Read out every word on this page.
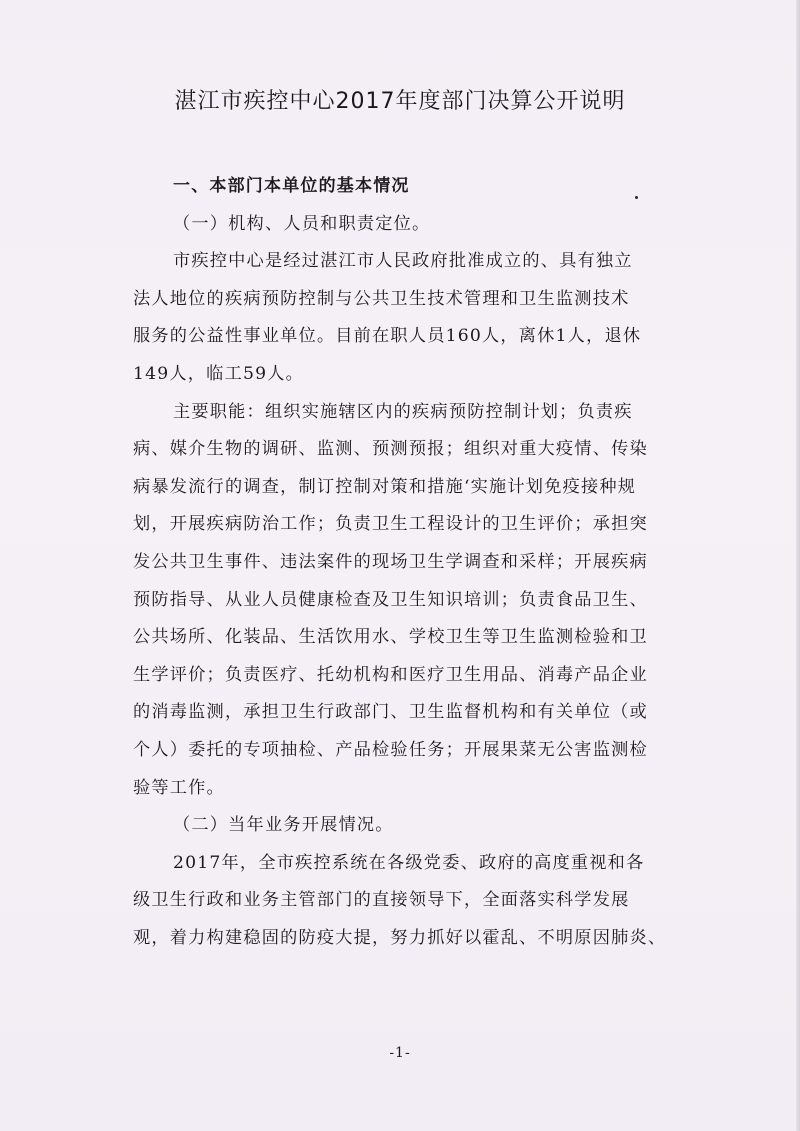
湛江市疾控中心2017年度部门决算公开说明
一、本部门本单位的基本情况
（一）机构、人员和职责定位。
市疾控中心是经过湛江市人民政府批准成立的、具有独立
法人地位的疾病预防控制与公共卫生技术管理和卫生监测技术
服务的公益性事业单位。目前在职人员160人，离休1人，退休
149人，临工59人。
主要职能：组织实施辖区内的疾病预防控制计划；负责疾
病、媒介生物的调研、监测、预测预报；组织对重大疫情、传染
病暴发流行的调查，制订控制对策和措施‘实施计划免疫接种规
划，开展疾病防治工作；负责卫生工程设计的卫生评价；承担突
发公共卫生事件、违法案件的现场卫生学调查和采样；开展疾病
预防指导、从业人员健康检查及卫生知识培训；负责食品卫生、
公共场所、化装品、生活饮用水、学校卫生等卫生监测检验和卫
生学评价；负责医疗、托幼机构和医疗卫生用品、消毒产品企业
的消毒监测，承担卫生行政部门、卫生监督机构和有关单位（或
个人）委托的专项抽检、产品检验任务；开展果菜无公害监测检
验等工作。
（二）当年业务开展情况。
2017年，全市疾控系统在各级党委、政府的高度重视和各
级卫生行政和业务主管部门的直接领导下，全面落实科学发展
观，着力构建稳固的防疫大提，努力抓好以霍乱、不明原因肺炎、
-1-
